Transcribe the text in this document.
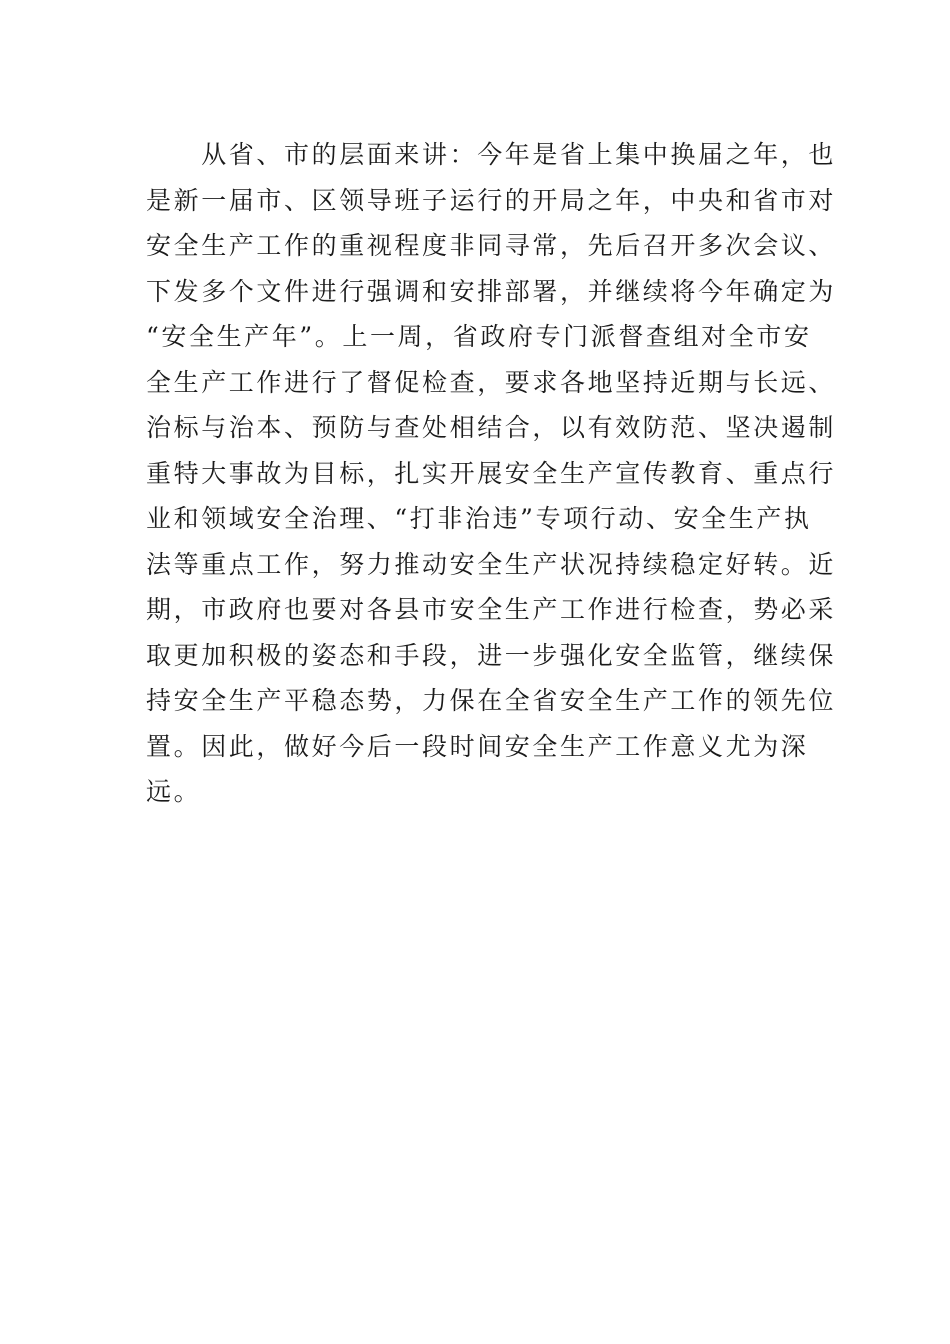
　　从省、市的层面来讲：今年是省上集中换届之年，也
是新一届市、区领导班子运行的开局之年，中央和省市对
安全生产工作的重视程度非同寻常，先后召开多次会议、
下发多个文件进行强调和安排部署，并继续将今年确定为
“安全生产年”。上一周，省政府专门派督查组对全市安
全生产工作进行了督促检查，要求各地坚持近期与长远、
治标与治本、预防与查处相结合，以有效防范、坚决遏制
重特大事故为目标，扎实开展安全生产宣传教育、重点行
业和领域安全治理、“打非治违”专项行动、安全生产执
法等重点工作，努力推动安全生产状况持续稳定好转。近
期，市政府也要对各县市安全生产工作进行检查，势必采
取更加积极的姿态和手段，进一步强化安全监管，继续保
持安全生产平稳态势，力保在全省安全生产工作的领先位
置。因此，做好今后一段时间安全生产工作意义尤为深
远。
